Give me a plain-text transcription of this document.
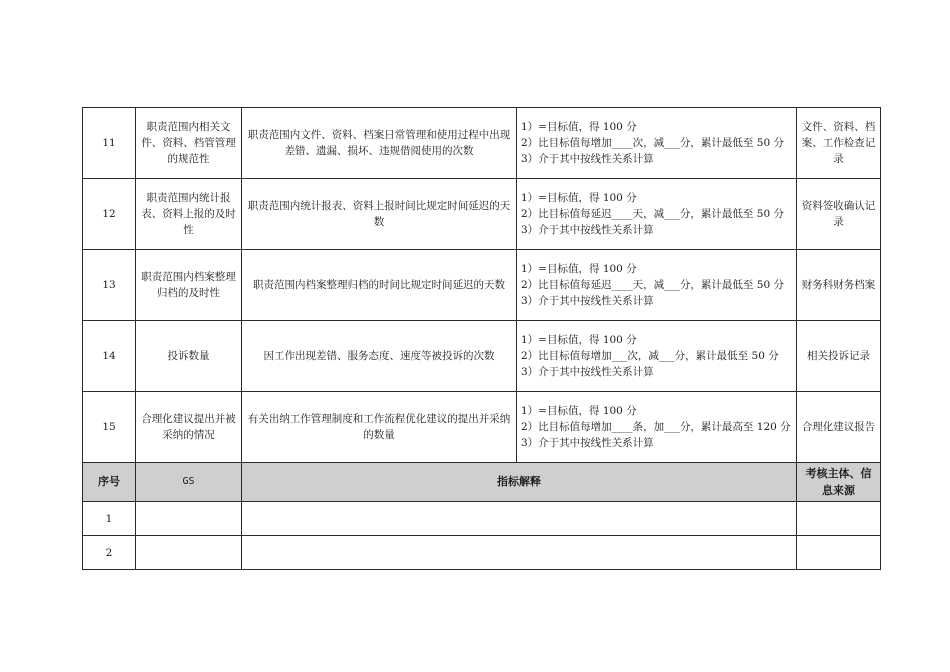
11	职责范围内相关文件、资料、档管管理的规范性	职责范围内文件、资料、档案日常管理和使用过程中出现差错、遗漏、损坏、违规借阅使用的次数	1）=目标值，得 100 分
2）比目标值每增加____次，减___分，累计最低至 50 分
3）介于其中按线性关系计算	文件、资料、档案、工作检查记录
12	职责范围内统计报表、资料上报的及时性	职责范围内统计报表、资料上报时间比规定时间延迟的天数	1）=目标值，得 100 分
2）比目标值每延迟____天，减___分，累计最低至 50 分
3）介于其中按线性关系计算	资料签收确认记录
13	职责范围内档案整理归档的及时性	职责范围内档案整理归档的时间比规定时间延迟的天数	1）=目标值，得 100 分
2）比目标值每延迟____天，减___分，累计最低至 50 分
3）介于其中按线性关系计算	财务科财务档案
14	投诉数量	因工作出现差错、服务态度、速度等被投诉的次数	1）=目标值，得 100 分
2）比目标值每增加___次，减___分，累计最低至 50 分
3）介于其中按线性关系计算	相关投诉记录
15	合理化建议提出并被采纳的情况	有关出纳工作管理制度和工作流程优化建议的提出并采纳的数量	1）=目标值，得 100 分
2）比目标值每增加____条，加___分，累计最高至 120 分
3）介于其中按线性关系计算	合理化建议报告
序号	GS	指标解释		考核主体、信息来源
1				
2				
